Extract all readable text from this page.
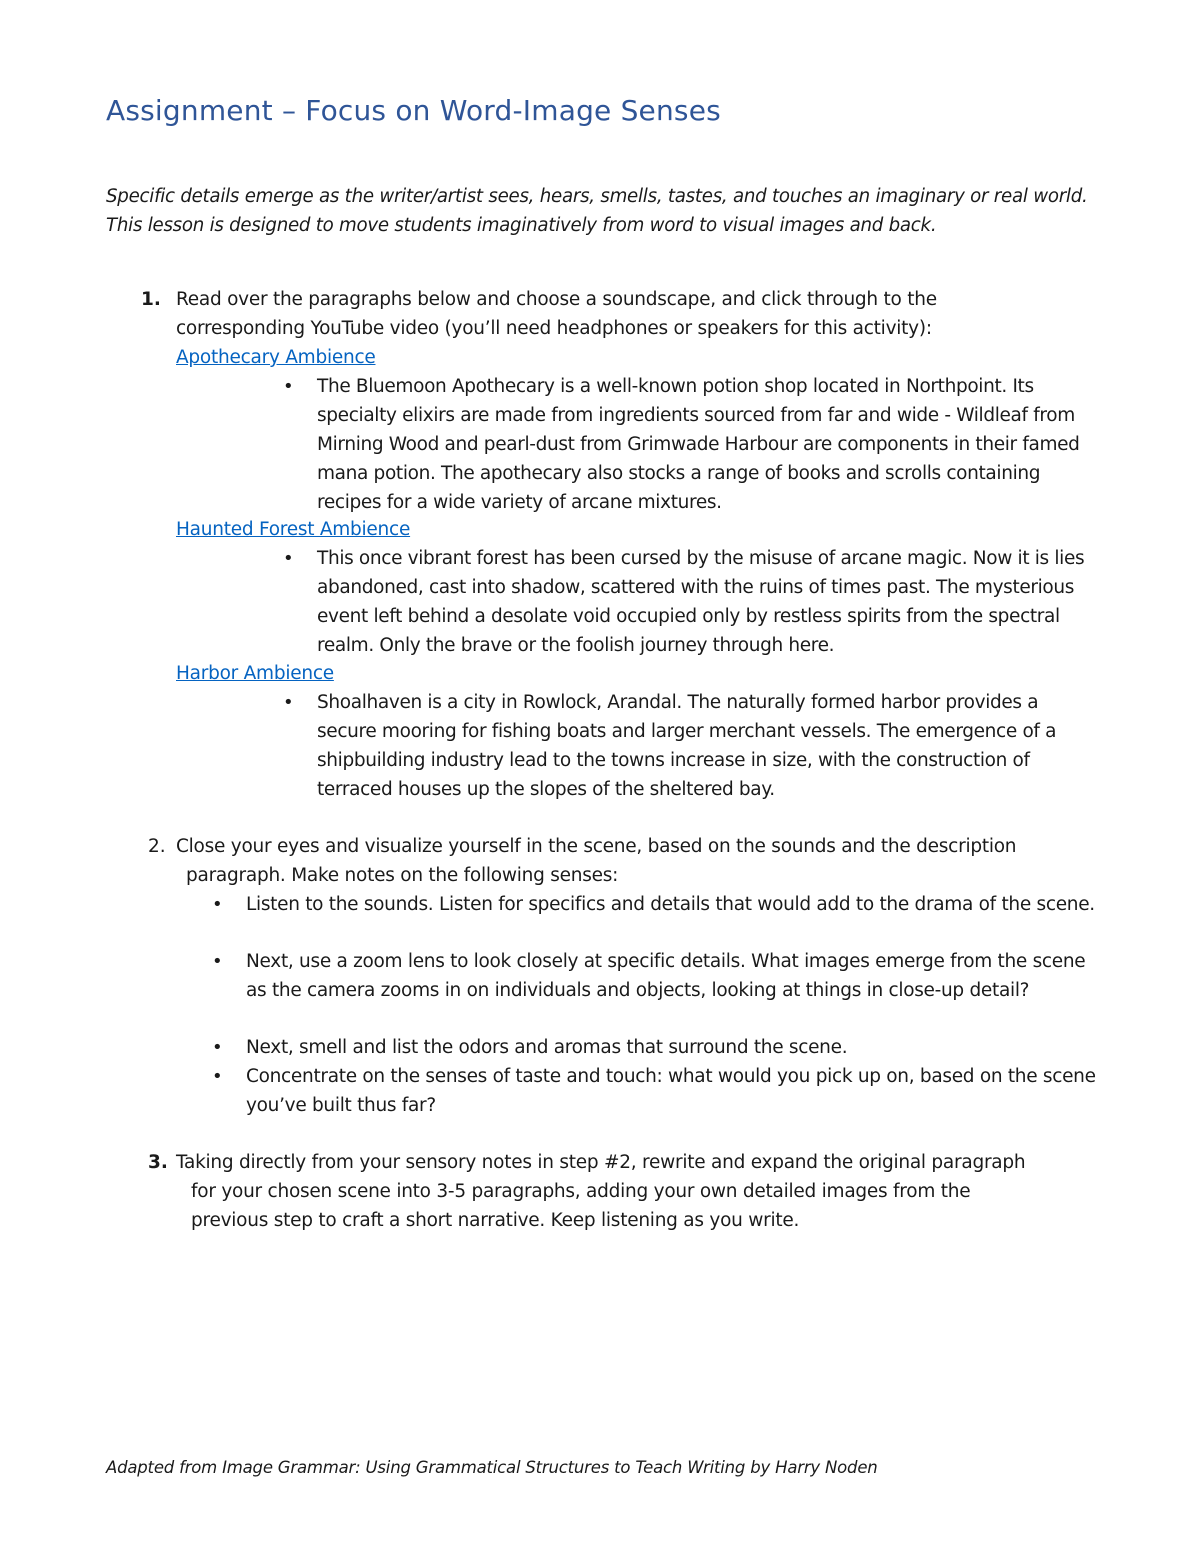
Assignment – Focus on Word-Image Senses
Specific details emerge as the writer/artist sees, hears, smells, tastes, and touches an imaginary or real world. This lesson is designed to move students imaginatively from word to visual images and back.
1. Read over the paragraphs below and choose a soundscape, and click through to the
corresponding YouTube video (you’ll need headphones or speakers for this activity):
Apothecary Ambience
• The Bluemoon Apothecary is a well-known potion shop located in Northpoint. Its specialty elixirs are made from ingredients sourced from far and wide - Wildleaf from Mirning Wood and pearl-dust from Grimwade Harbour are components in their famed mana potion. The apothecary also stocks a range of books and scrolls containing recipes for a wide variety of arcane mixtures.
Haunted Forest Ambience
• This once vibrant forest has been cursed by the misuse of arcane magic. Now it is lies abandoned, cast into shadow, scattered with the ruins of times past. The mysterious event left behind a desolate void occupied only by restless spirits from the spectral realm. Only the brave or the foolish journey through here.
Harbor Ambience
• Shoalhaven is a city in Rowlock, Arandal. The naturally formed harbor provides a secure mooring for fishing boats and larger merchant vessels. The emergence of a shipbuilding industry lead to the towns increase in size, with the construction of terraced houses up the slopes of the sheltered bay.
2. Close your eyes and visualize yourself in the scene, based on the sounds and the description
paragraph. Make notes on the following senses:
• Listen to the sounds. Listen for specifics and details that would add to the drama of the scene.
• Next, use a zoom lens to look closely at specific details. What images emerge from the scene as the camera zooms in on individuals and objects, looking at things in close-up detail?
• Next, smell and list the odors and aromas that surround the scene.
• Concentrate on the senses of taste and touch: what would you pick up on, based on the scene you’ve built thus far?
3. Taking directly from your sensory notes in step #2, rewrite and expand the original paragraph
for your chosen scene into 3-5 paragraphs, adding your own detailed images from the
previous step to craft a short narrative. Keep listening as you write.
Adapted from Image Grammar: Using Grammatical Structures to Teach Writing by Harry Noden
